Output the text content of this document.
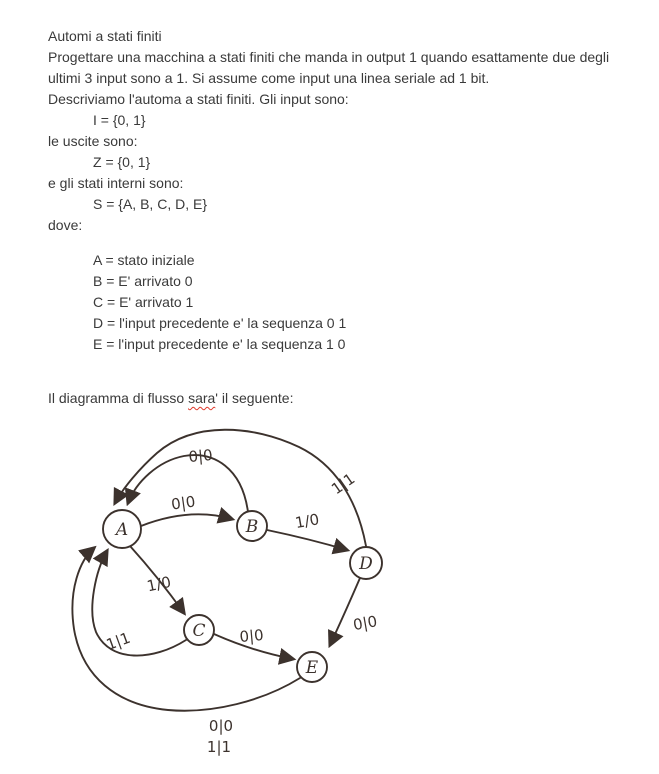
Automi a stati finiti
Progettare una macchina a stati finiti che manda in output 1 quando esattamente due degli
ultimi 3 input sono a 1. Si assume come input una linea seriale ad 1 bit.
Descriviamo l'automa a stati finiti. Gli input sono:
I = {0, 1}
le uscite sono:
Z = {0, 1}
e gli stati interni sono:
S = {A, B, C, D, E}
dove:
A = stato iniziale
B = E' arrivato 0
C = E' arrivato 1
D = l'input precedente e' la sequenza 0 1
E = l'input precedente e' la sequenza 1 0
Il diagramma di flusso sara' il seguente:
0|0
0|0
1/0
1|1
1/0
1|1	0|0
0|0
0|0
1|1
A	B
C
D
E
